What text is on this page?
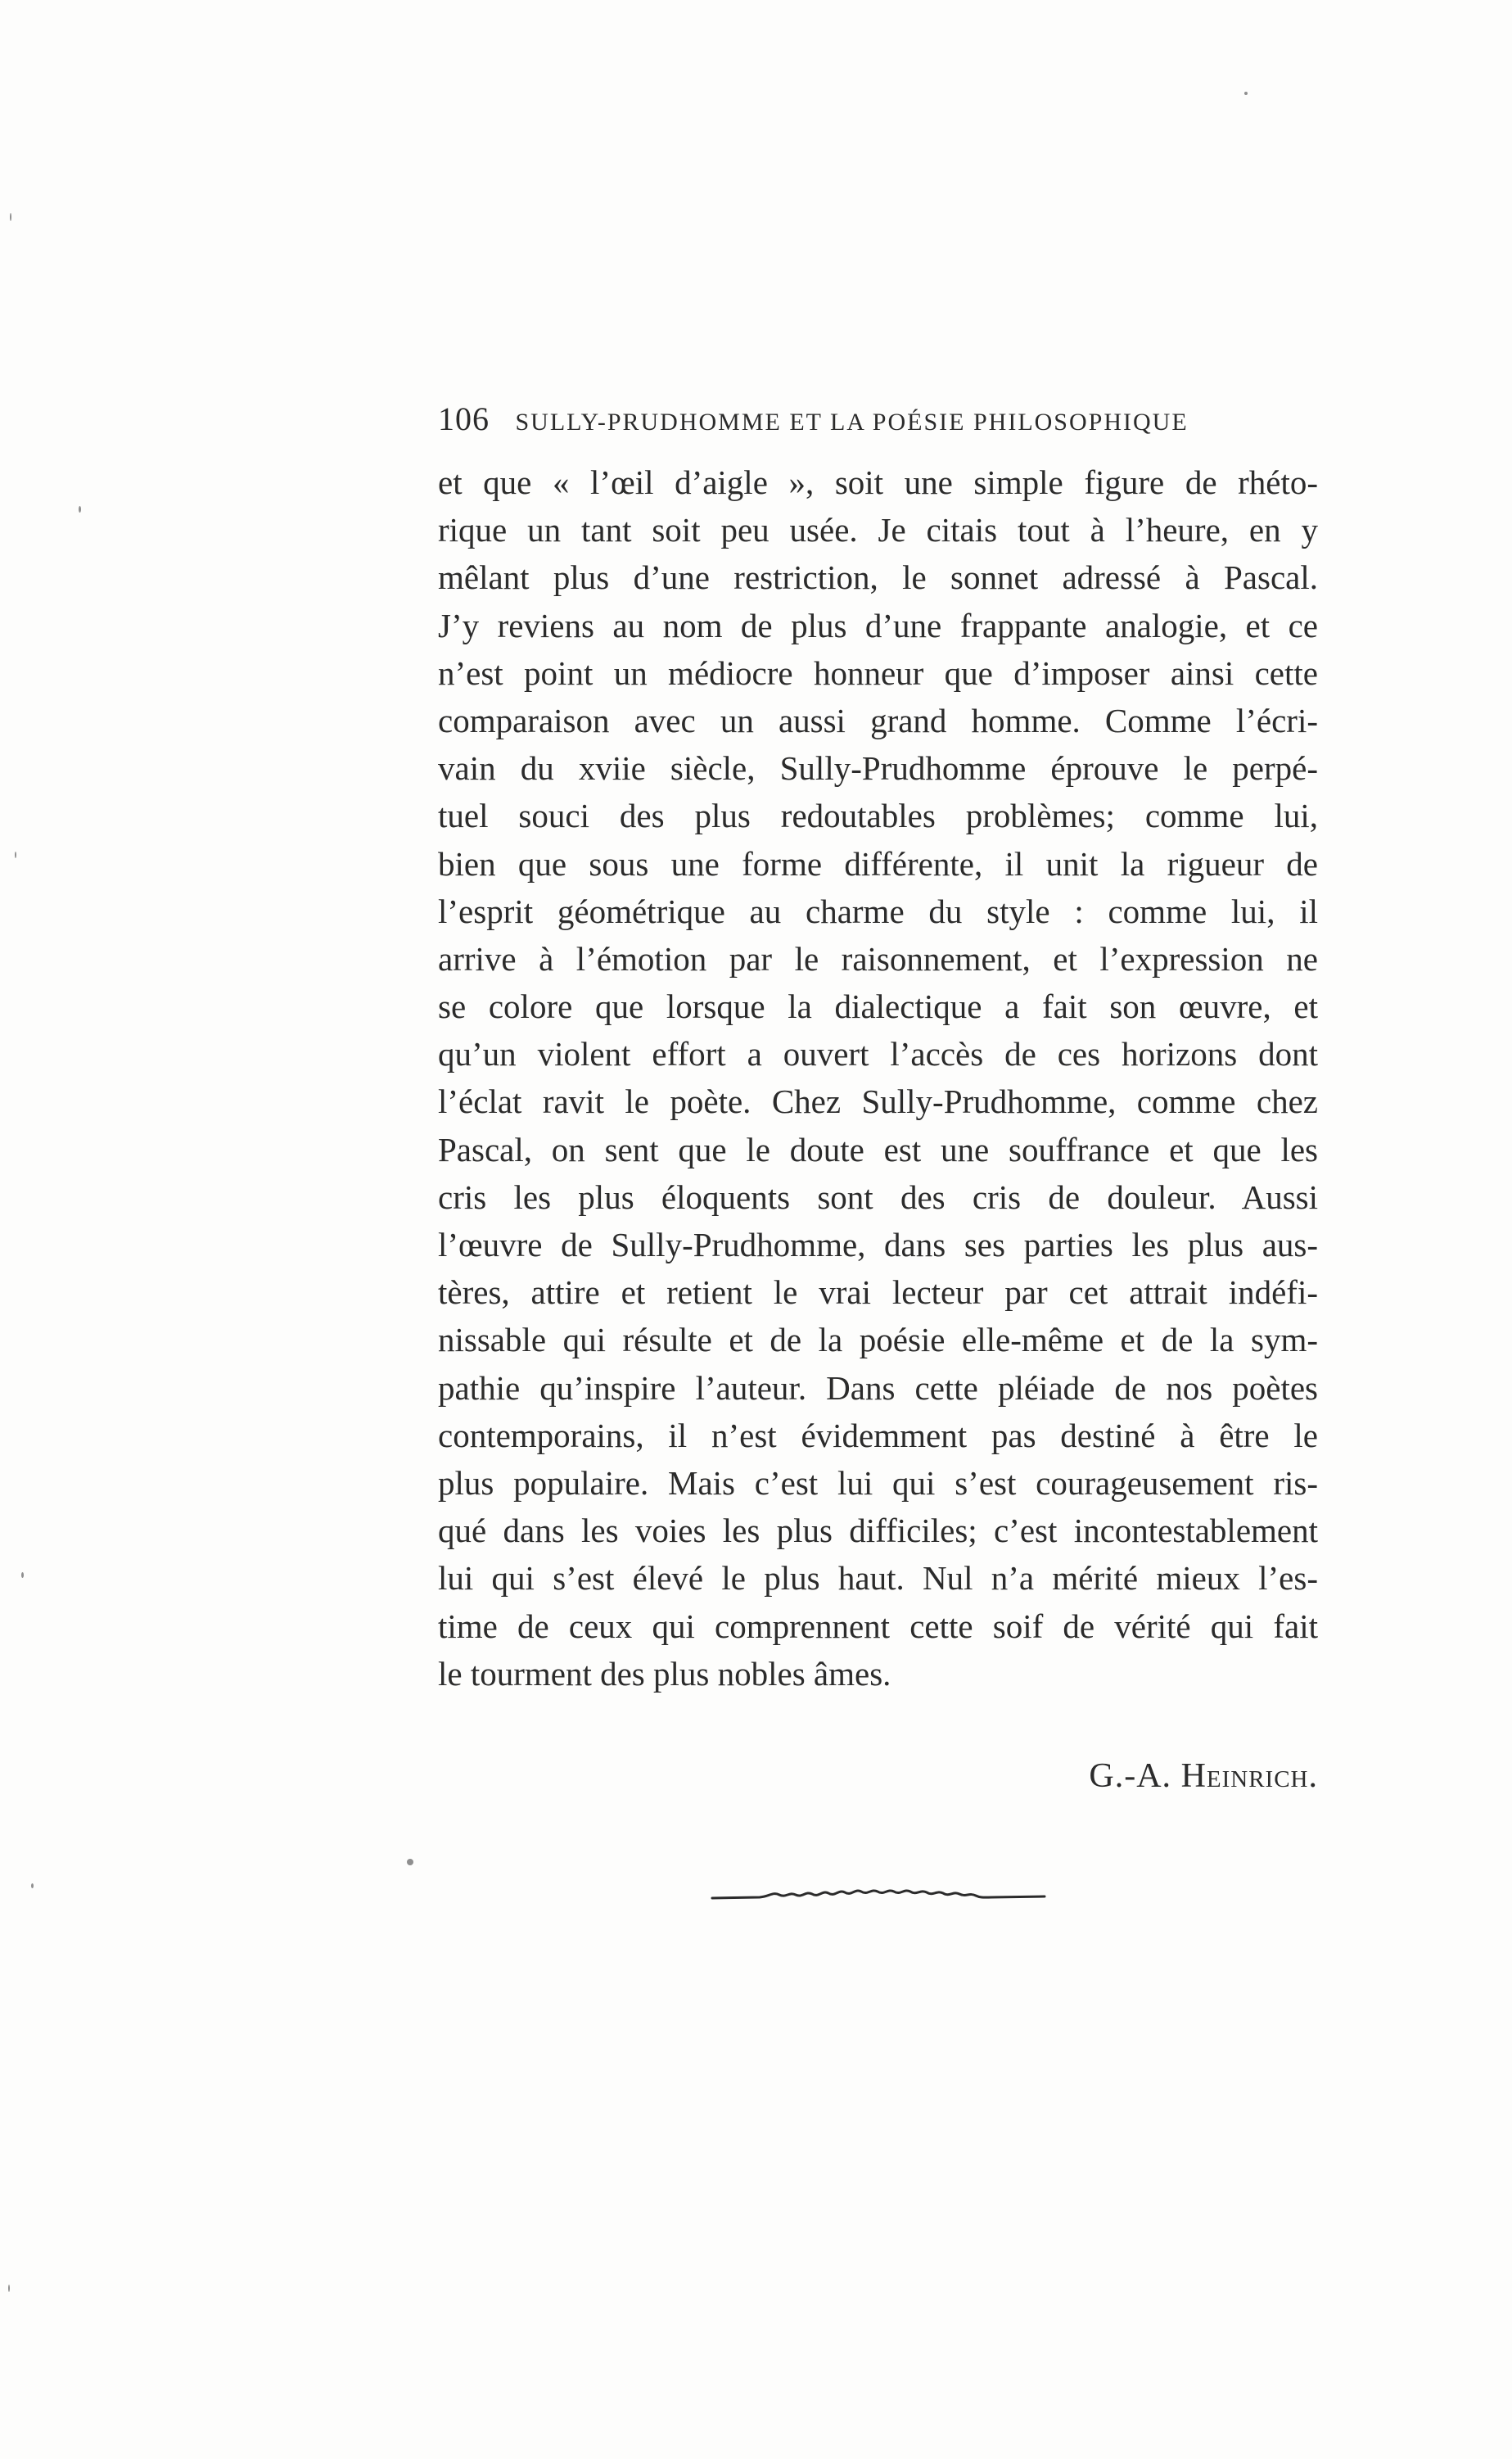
106 SULLY-PRUDHOMME ET LA POÉSIE PHILOSOPHIQUE
et que « l’œil d’aigle », soit une simple figure de rhéto-
rique un tant soit peu usée. Je citais tout à l’heure, en y
mêlant plus d’une restriction, le sonnet adressé à Pascal.
J’y reviens au nom de plus d’une frappante analogie, et ce
n’est point un médiocre honneur que d’imposer ainsi cette
comparaison avec un aussi grand homme. Comme l’écri-
vain du xviie siècle, Sully-Prudhomme éprouve le perpé-
tuel souci des plus redoutables problèmes; comme lui,
bien que sous une forme différente, il unit la rigueur de
l’esprit géométrique au charme du style : comme lui, il
arrive à l’émotion par le raisonnement, et l’expression ne
se colore que lorsque la dialectique a fait son œuvre, et
qu’un violent effort a ouvert l’accès de ces horizons dont
l’éclat ravit le poète. Chez Sully-Prudhomme, comme chez
Pascal, on sent que le doute est une souffrance et que les
cris les plus éloquents sont des cris de douleur. Aussi
l’œuvre de Sully-Prudhomme, dans ses parties les plus aus-
tères, attire et retient le vrai lecteur par cet attrait indéfi-
nissable qui résulte et de la poésie elle-même et de la sym-
pathie qu’inspire l’auteur. Dans cette pléiade de nos poètes
contemporains, il n’est évidemment pas destiné à être le
plus populaire. Mais c’est lui qui s’est courageusement ris-
qué dans les voies les plus difficiles; c’est incontestablement
lui qui s’est élevé le plus haut. Nul n’a mérité mieux l’es-
time de ceux qui comprennent cette soif de vérité qui fait
le tourment des plus nobles âmes.
G.-A. Heinrich.
